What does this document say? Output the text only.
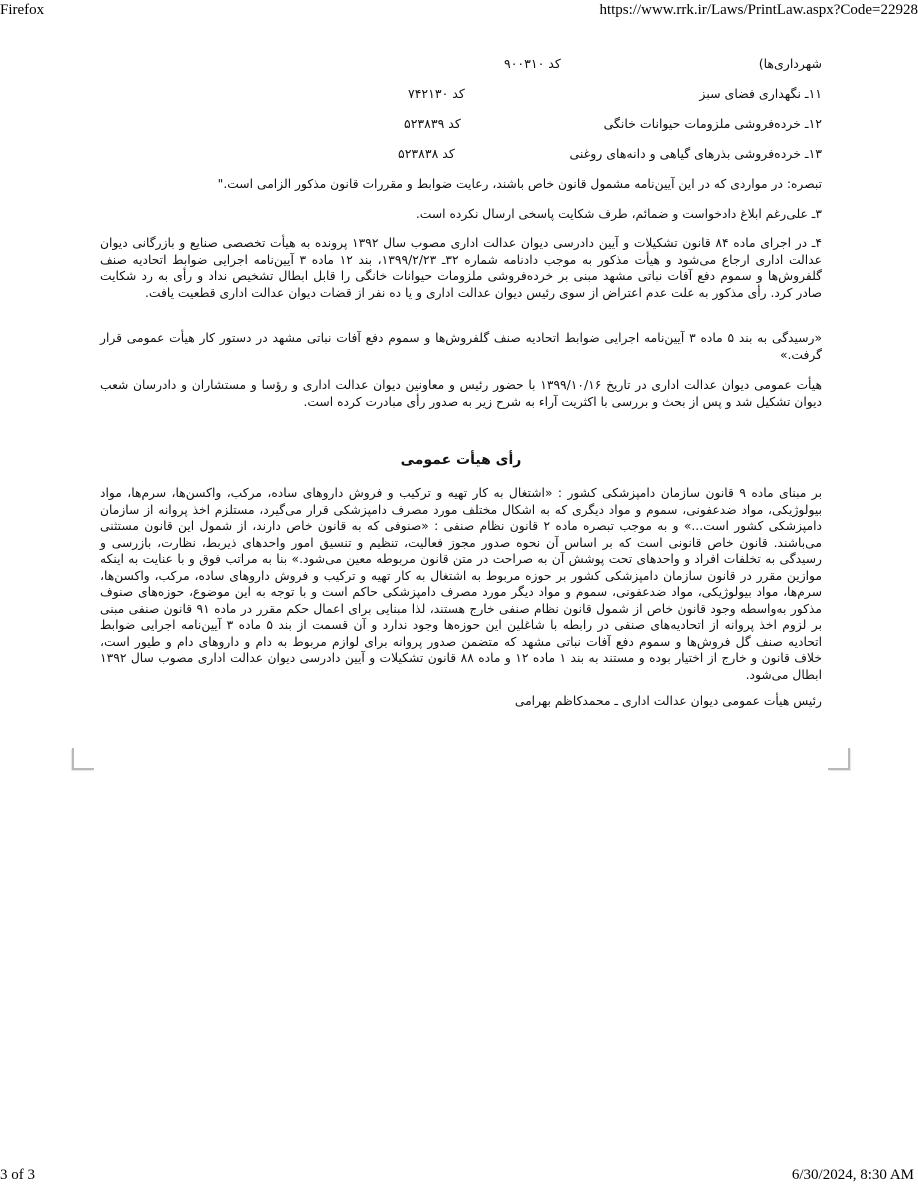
Firefox	https://www.rrk.ir/Laws/PrintLaw.aspx?Code=22928
شهرداری‌ها)
کد ۹۰۰۳۱۰
۱۱ـ نگهداری فضای سبز
کد ۷۴۲۱۳۰
۱۲ـ خرده‌فروشی ملزومات حیوانات خانگی
کد ۵۲۳۸۳۹
۱۳ـ خرده‌فروشی بذرهای گیاهی و دانه‌های روغنی
کد ۵۲۳۸۳۸
تبصره: در مواردی که در این آیین‌نامه مشمول قانون خاص باشند، رعایت ضوابط و مقررات قانون مذکور الزامی است."
۳ـ علی‌رغم ابلاغ دادخواست و ضمائم، طرف شکایت پاسخی ارسال نکرده است.
۴ـ در اجرای ماده ۸۴ قانون تشکیلات و آیین دادرسی دیوان عدالت اداری مصوب سال ۱۳۹۲ پرونده به هیأت تخصصی صنایع و بازرگانی دیوان عدالت اداری ارجاع می‌شود و هیأت مذکور به موجب دادنامه شماره ۳۲ـ ۱۳۹۹/۲/۲۳، بند ۱۲ ماده ۳ آیین‌نامه اجرایی ضوابط اتحادیه صنف گلفروش‌ها و سموم دفع آفات نباتی مشهد مبنی بر خرده‌فروشی ملزومات حیوانات خانگی را قابل ابطال تشخیص نداد و رأی به رد شکایت صادر کرد. رأی مذکور به علت عدم اعتراض از سوی رئیس دیوان عدالت اداری و یا ده نفر از قضات دیوان عدالت اداری قطعیت یافت.
«رسیدگی به بند ۵ ماده ۳ آیین‌نامه اجرایی ضوابط اتحادیه صنف گلفروش‌ها و سموم دفع آفات نباتی مشهد در دستور کار هیأت عمومی قرار گرفت.»
هیأت عمومی دیوان عدالت اداری در تاریخ ۱۳۹۹/۱۰/۱۶ با حضور رئیس و معاونین دیوان عدالت اداری و رؤسا و مستشاران و دادرسان شعب دیوان تشکیل شد و پس از بحث و بررسی با اکثریت آراء به شرح زیر به صدور رأی مبادرت کرده است.
رأی هیأت عمومی
بر مبنای ماده ۹ قانون سازمان دامپزشکی کشور : «اشتغال به کار تهیه و ترکیب و فروش داروهای ساده، مرکب، واکسن‌ها، سرم‌ها، مواد بیولوژیکی، مواد ضدعفونی، سموم و مواد دیگری که به اشکال مختلف مورد مصرف دامپزشکی قرار می‌گیرد، مستلزم اخذ پروانه از سازمان دامپزشکی کشور است...» و به موجب تبصره ماده ۲ قانون نظام صنفی : «صنوفی که به قانون خاص دارند، از شمول این قانون مستثنی می‌باشند. قانون خاص قانونی است که بر اساس آن نحوه صدور مجوز فعالیت، تنظیم و تنسیق امور واحدهای ذیربط، نظارت، بازرسی و رسیدگی به تخلفات افراد و واحدهای تحت پوشش آن به صراحت در متن قانون مربوطه معین می‌شود.» بنا به مراتب فوق و با عنایت به اینکه موازین مقرر در قانون سازمان دامپزشکی کشور بر حوزه مربوط به اشتغال به کار تهیه و ترکیب و فروش داروهای ساده، مرکب، واکسن‌ها، سرم‌ها، مواد بیولوژیکی، مواد ضدعفونی، سموم و مواد دیگر مورد مصرف دامپزشکی حاکم است و با توجه به این موضوع، حوزه‌های صنوف مذکور به‌واسطه وجود قانون خاص از شمول قانون نظام صنفی خارج هستند، لذا مبنایی برای اعمال حکم مقرر در ماده ۹۱ قانون صنفی مبنی بر لزوم اخذ پروانه از اتحادیه‌های صنفی در رابطه با شاغلین این حوزه‌ها وجود ندارد و آن قسمت از بند ۵ ماده ۳ آیین‌نامه اجرایی ضوابط اتحادیه صنف گل فروش‌ها و سموم دفع آفات نباتی مشهد که متضمن صدور پروانه برای لوازم مربوط به دام و داروهای دام و طیور است، خلاف قانون و خارج از اختیار بوده و مستند به بند ۱ ماده ۱۲ و ماده ۸۸ قانون تشکیلات و آیین دادرسی دیوان عدالت اداری مصوب سال ۱۳۹۲ ابطال می‌شود.
رئیس هیأت عمومی دیوان عدالت اداری ـ محمدکاظم بهرامی
3 of 3	6/30/2024, 8:30 AM
